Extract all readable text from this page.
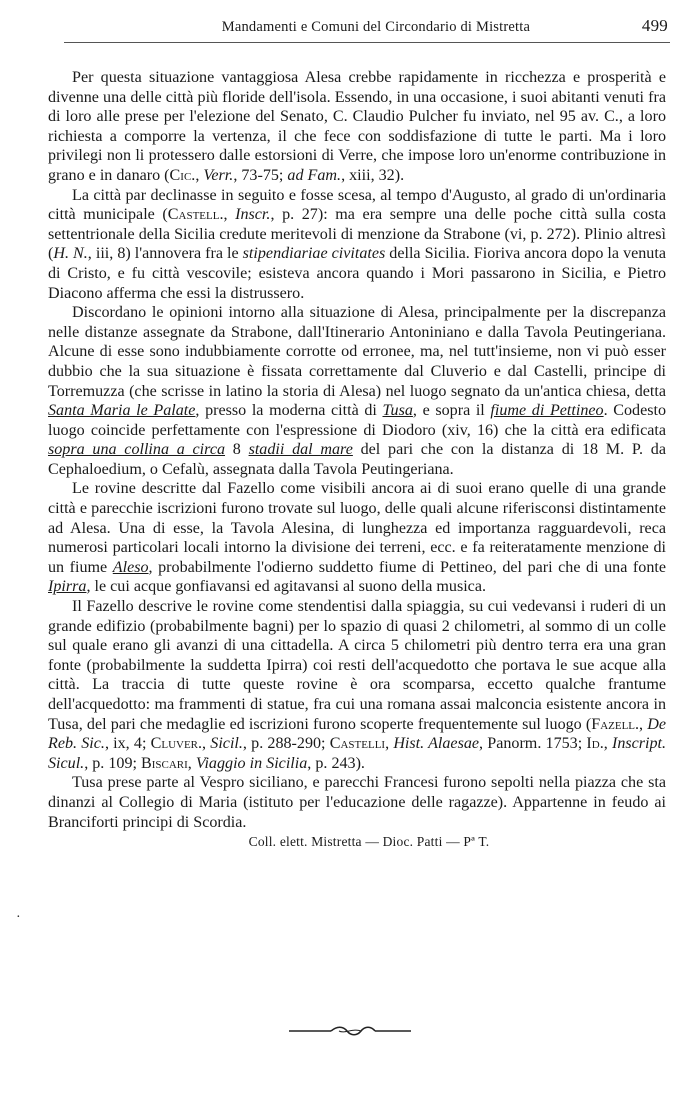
Mandamenti e Comuni del Circondario di Mistretta	499

Per questa situazione vantaggiosa Alesa crebbe rapidamente in ricchezza e prosperità e divenne una delle città più floride dell'isola. Essendo, in una occasione, i suoi abitanti venuti fra di loro alle prese per l'elezione del Senato, C. Claudio Pulcher fu inviato, nel 95 av. C., a loro richiesta a comporre la vertenza, il che fece con soddisfazione di tutte le parti. Ma i loro privilegi non li protessero dalle estorsioni di Verre, che impose loro un'enorme contribuzione in grano e in danaro (Cic., Verr., 73-75; ad Fam., xiii, 32).

La città par declinasse in seguito e fosse scesa, al tempo d'Augusto, al grado di un'ordinaria città municipale (Castell., Inscr., p. 27): ma era sempre una delle poche città sulla costa settentrionale della Sicilia credute meritevoli di menzione da Strabone (vi, p. 272). Plinio altresì (H. N., iii, 8) l'annovera fra le stipendiariae civitates della Sicilia. Fioriva ancora dopo la venuta di Cristo, e fu città vescovile; esisteva ancora quando i Mori passarono in Sicilia, e Pietro Diacono afferma che essi la distrussero.

Discordano le opinioni intorno alla situazione di Alesa, principalmente per la discrepanza nelle distanze assegnate da Strabone, dall'Itinerario Antoniniano e dalla Tavola Peutingeriana. Alcune di esse sono indubbiamente corrotte od erronee, ma, nel tutt'insieme, non vi può esser dubbio che la sua situazione è fissata correttamente dal Cluverio e dal Castelli, principe di Torremuzza (che scrisse in latino la storia di Alesa) nel luogo segnato da un'antica chiesa, detta Santa Maria le Palate, presso la moderna città di Tusa, e sopra il fiume di Pettineo. Codesto luogo coincide perfettamente con l'espressione di Diodoro (xiv, 16) che la città era edificata sopra una collina a circa 8 stadii dal mare del pari che con la distanza di 18 M. P. da Cephaloedium, o Cefalù, assegnata dalla Tavola Peutingeriana.

Le rovine descritte dal Fazello come visibili ancora ai di suoi erano quelle di una grande città e parecchie iscrizioni furono trovate sul luogo, delle quali alcune riferisconsi distintamente ad Alesa. Una di esse, la Tavola Alesina, di lunghezza ed importanza ragguardevoli, reca numerosi particolari locali intorno la divisione dei terreni, ecc. e fa reiteratamente menzione di un fiume Aleso, probabilmente l'odierno suddetto fiume di Pettineo, del pari che di una fonte Ipirra, le cui acque gonfiavansi ed agitavansi al suono della musica.

Il Fazello descrive le rovine come stendentisi dalla spiaggia, su cui vedevansi i ruderi di un grande edifizio (probabilmente bagni) per lo spazio di quasi 2 chilometri, al sommo di un colle sul quale erano gli avanzi di una cittadella. A circa 5 chilometri più dentro terra era una gran fonte (probabilmente la suddetta Ipirra) coi resti dell'acquedotto che portava le sue acque alla città. La traccia di tutte queste rovine è ora scomparsa, eccetto qualche frantume dell'acquedotto: ma frammenti di statue, fra cui una romana assai malconcia esistente ancora in Tusa, del pari che medaglie ed iscrizioni furono scoperte frequentemente sul luogo (Fazell., De Reb. Sic., ix, 4; Cluver., Sicil., p. 288-290; Castelli, Hist. Alaesae, Panorm. 1753; Id., Inscript. Sicul., p. 109; Biscari, Viaggio in Sicilia, p. 243).

Tusa prese parte al Vespro siciliano, e parecchi Francesi furono sepolti nella piazza che sta dinanzi al Collegio di Maria (istituto per l'educazione delle ragazze). Appartenne in feudo ai Branciforti principi di Scordia.

Coll. elett. Mistretta — Dioc. Patti — Pª T.

·
